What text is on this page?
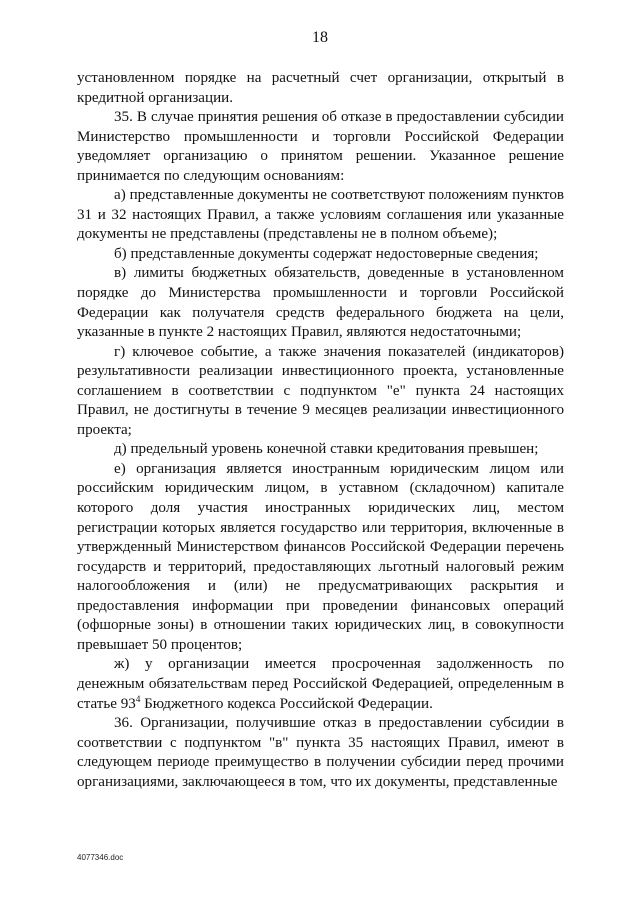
18

установленном порядке на расчетный счет организации, открытый в кредитной организации.

35. В случае принятия решения об отказе в предоставлении субсидии Министерство промышленности и торговли Российской Федерации уведомляет организацию о принятом решении. Указанное решение принимается по следующим основаниям:

а) представленные документы не соответствуют положениям пунктов 31 и 32 настоящих Правил, а также условиям соглашения или указанные документы не представлены (представлены не в полном объеме);

б) представленные документы содержат недостоверные сведения;

в) лимиты бюджетных обязательств, доведенные в установленном порядке до Министерства промышленности и торговли Российской Федерации как получателя средств федерального бюджета на цели, указанные в пункте 2 настоящих Правил, являются недостаточными;

г) ключевое событие, а также значения показателей (индикаторов) результативности реализации инвестиционного проекта, установленные соглашением в соответствии с подпунктом "е" пункта 24 настоящих Правил, не достигнуты в течение 9 месяцев реализации инвестиционного проекта;

д) предельный уровень конечной ставки кредитования превышен;

е) организация является иностранным юридическим лицом или российским юридическим лицом, в уставном (складочном) капитале которого доля участия иностранных юридических лиц, местом регистрации которых является государство или территория, включенные в утвержденный Министерством финансов Российской Федерации перечень государств и территорий, предоставляющих льготный налоговый режим налогообложения и (или) не предусматривающих раскрытия и предоставления информации при проведении финансовых операций (офшорные зоны) в отношении таких юридических лиц, в совокупности превышает 50 процентов;

ж) у организации имеется просроченная задолженность по денежным обязательствам перед Российской Федерацией, определенным в статье $93^4$ Бюджетного кодекса Российской Федерации.

36. Организации, получившие отказ в предоставлении субсидии в соответствии с подпунктом "в" пункта 35 настоящих Правил, имеют в следующем периоде преимущество в получении субсидии перед прочими организациями, заключающееся в том, что их документы, представленные

4077346.doc
